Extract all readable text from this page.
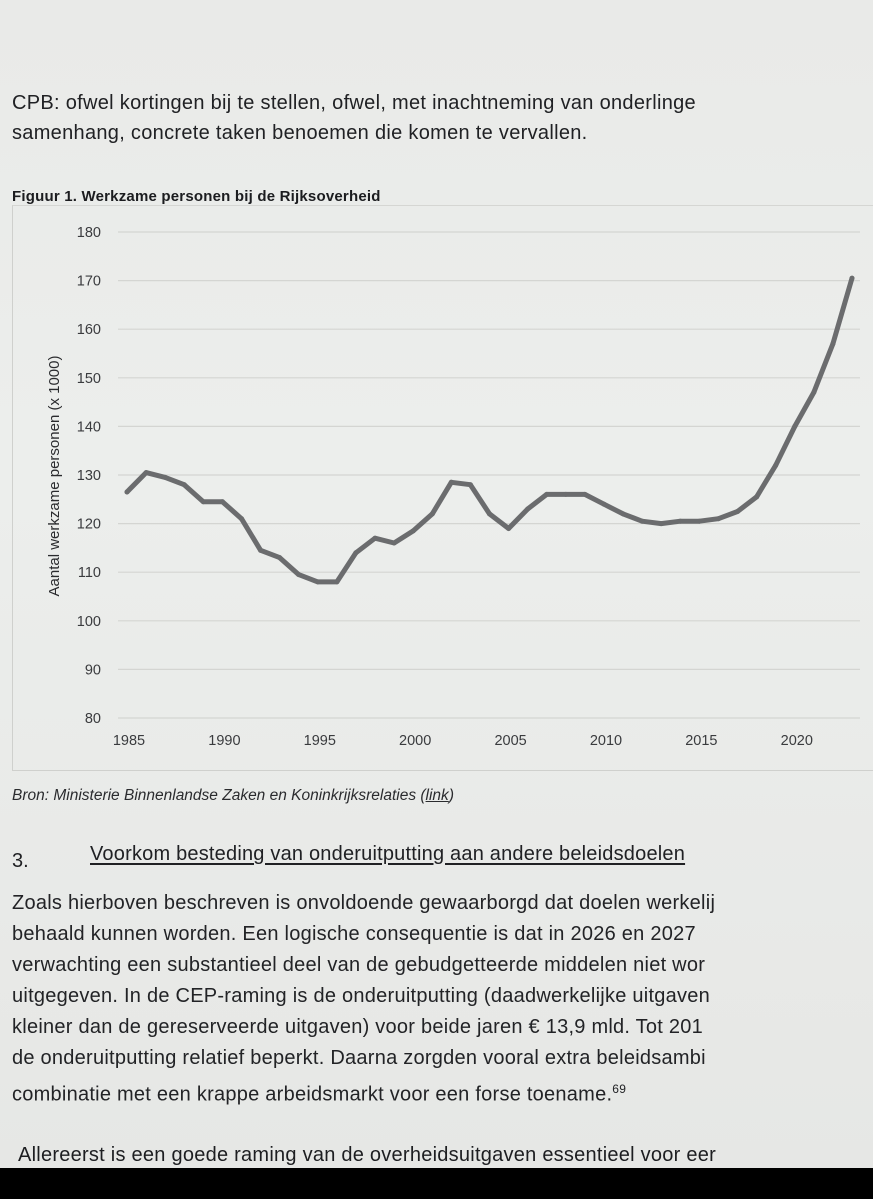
CPB: ofwel kortingen bij te stellen, ofwel, met inachtneming van onderlinge
samenhang, concrete taken benoemen die komen te vervallen.

Figuur 1. Werkzame personen bij de Rijksoverheid
80
90
100
110
120
130
140
150
160
170
180
1985	1990	1995	2000	2005	2010	2015	2020
Aantal werkzame personen (x 1000)
Bron: Ministerie Binnenlandse Zaken en Koninkrijksrelaties (link)
3.	Voorkom besteding van onderuitputting aan andere beleidsdoelen

Zoals hierboven beschreven is onvoldoende gewaarborgd dat doelen werkelij
behaald kunnen worden. Een logische consequentie is dat in 2026 en 2027
verwachting een substantieel deel van de gebudgetteerde middelen niet wor
uitgegeven. In de CEP-raming is de onderuitputting (daadwerkelijke uitgaven
kleiner dan de gereserveerde uitgaven) voor beide jaren € 13,9 mld. Tot 201
de onderuitputting relatief beperkt. Daarna zorgden vooral extra beleidsambi
combinatie met een krappe arbeidsmarkt voor een forse toename.$^{69}$

Allereerst is een goede raming van de overheidsuitgaven essentieel voor eer
